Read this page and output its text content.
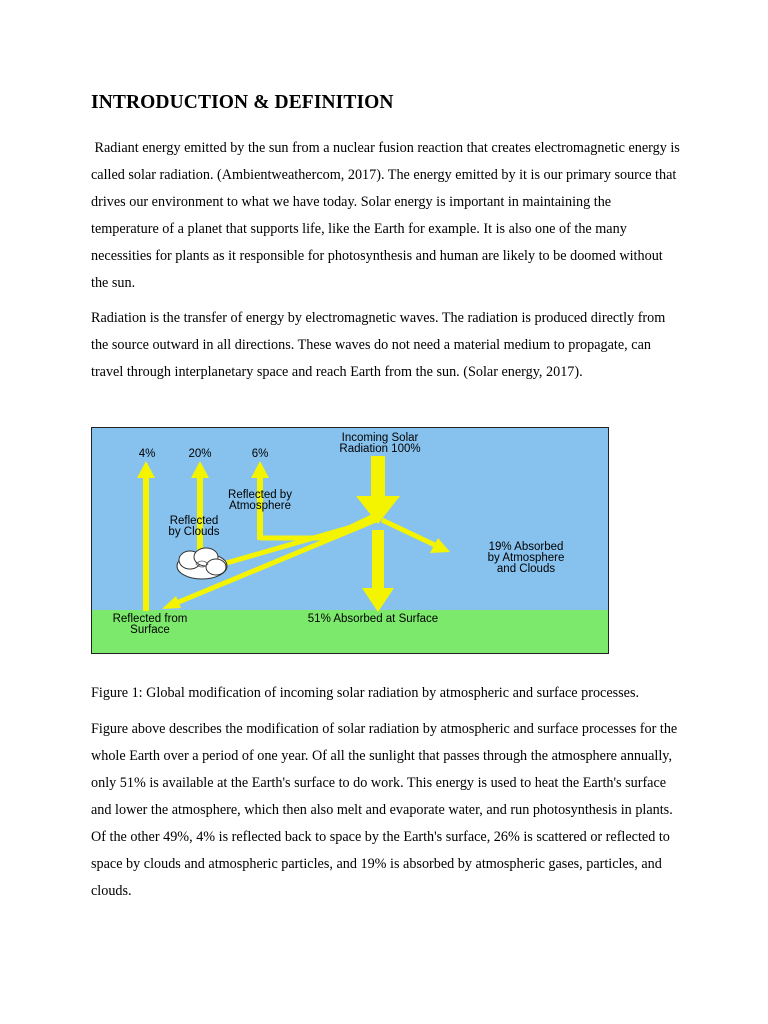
INTRODUCTION & DEFINITION

Radiant energy emitted by the sun from a nuclear fusion reaction that creates electromagnetic energy is called solar radiation. (Ambientweathercom, 2017). The energy emitted by it is our primary source that drives our environment to what we have today. Solar energy is important in maintaining the temperature of a planet that supports life, like the Earth for example. It is also one of the many necessities for plants as it responsible for photosynthesis and human are likely to be doomed without the sun.

Radiation is the transfer of energy by electromagnetic waves. The radiation is produced directly from the source outward in all directions. These waves do not need a material medium to propagate, can travel through interplanetary space and reach Earth from the sun. (Solar energy, 2017).

4%	20%	6%

Incoming Solar
Radiation 100%

Reflected by
Atmosphere

Reflected
by Clouds

19% Absorbed
by Atmosphere
and Clouds

Reflected from
Surface

51% Absorbed at Surface

Figure 1: Global modification of incoming solar radiation by atmospheric and surface processes.

Figure above describes the modification of solar radiation by atmospheric and surface processes for the whole Earth over a period of one year. Of all the sunlight that passes through the atmosphere annually, only 51% is available at the Earth's surface to do work. This energy is used to heat the Earth's surface and lower the atmosphere, which then also melt and evaporate water, and run photosynthesis in plants. Of the other 49%, 4% is reflected back to space by the Earth's surface, 26% is scattered or reflected to space by clouds and atmospheric particles, and 19% is absorbed by atmospheric gases, particles, and clouds.
